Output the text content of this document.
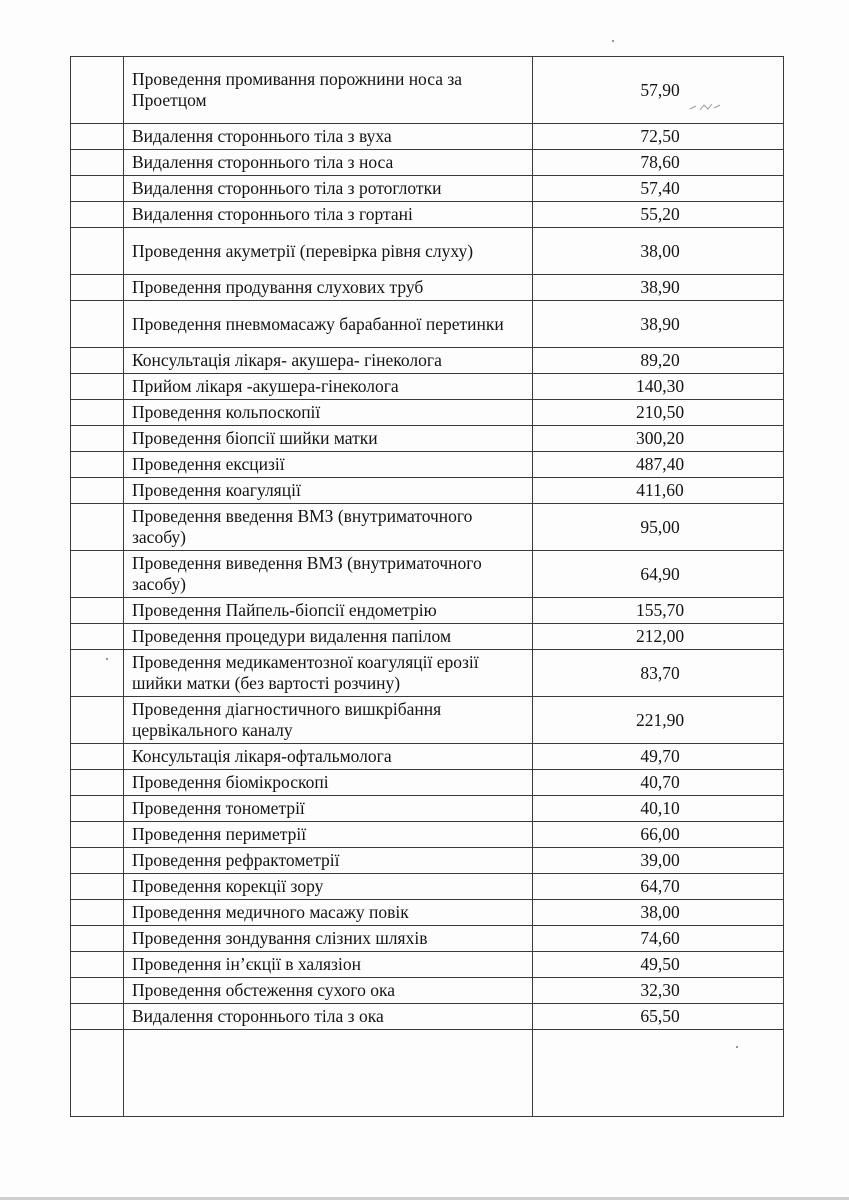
	Проведення промивання порожнини носа за Проетцом	57,90
	Видалення стороннього тіла з вуха	72,50
	Видалення стороннього тіла з носа	78,60
	Видалення стороннього тіла з ротоглотки	57,40
	Видалення стороннього тіла з гортані	55,20
	Проведення акуметрії (перевірка рівня слуху)	38,00
	Проведення продування слухових труб	38,90
	Проведення пневмомасажу барабанної перетинки	38,90
	Консультація лікаря- акушера- гінеколога	89,20
	Прийом лікаря -акушера-гінеколога	140,30
	Проведення кольпоскопії	210,50
	Проведення біопсії шийки матки	300,20
	Проведення ексцизії	487,40
	Проведення коагуляції	411,60
	Проведення введення ВМЗ (внутриматочного засобу)	95,00
	Проведення виведення ВМЗ (внутриматочного засобу)	64,90
	Проведення Пайпель-біопсії ендометрію	155,70
	Проведення процедури видалення папілом	212,00
	Проведення медикаментозної коагуляції ерозії шийки матки (без вартості розчину)	83,70
	Проведення діагностичного вишкрібання цервікального каналу	221,90
	Консультація лікаря-офтальмолога	49,70
	Проведення біомікроскопі	40,70
	Проведення тонометрії	40,10
	Проведення периметрії	66,00
	Проведення рефрактометрії	39,00
	Проведення корекції зору	64,70
	Проведення медичного масажу повік	38,00
	Проведення зондування слізних шляхів	74,60
	Проведення ін’єкції в халязіон	49,50
	Проведення обстеження сухого ока	32,30
	Видалення стороннього тіла з ока	65,50
